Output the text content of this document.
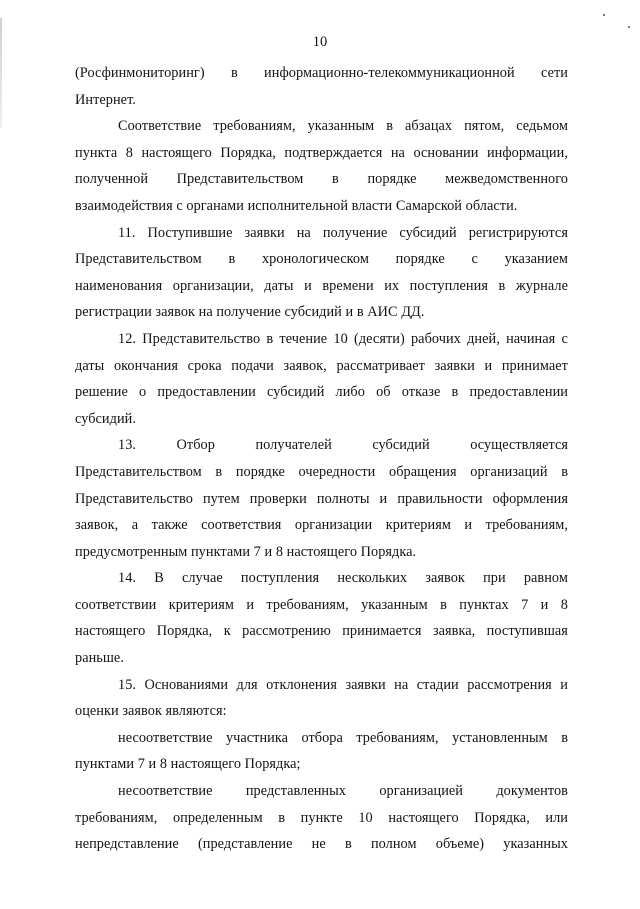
10
(Росфинмониторинг) в информационно-телекоммуникационной сети
Интернет.
Соответствие требованиям, указанным в абзацах пятом, седьмом
пункта 8 настоящего Порядка, подтверждается на основании информации,
полученной Представительством в порядке межведомственного
взаимодействия с органами исполнительной власти Самарской области.
11. Поступившие заявки на получение субсидий регистрируются
Представительством в хронологическом порядке с указанием
наименования организации, даты и времени их поступления в журнале
регистрации заявок на получение субсидий и в АИС ДД.
12. Представительство в течение 10 (десяти) рабочих дней, начиная с
даты окончания срока подачи заявок, рассматривает заявки и принимает
решение о предоставлении субсидий либо об отказе в предоставлении
субсидий.
13.	Отбор	получателей	субсидий	осуществляется
Представительством в порядке очередности обращения организаций в
Представительство путем проверки полноты и правильности оформления
заявок, а также соответствия организации критериям и требованиям,
предусмотренным пунктами 7 и 8 настоящего Порядка.
14. В случае поступления нескольких заявок при равном
соответствии критериям и требованиям, указанным в пунктах 7 и 8
настоящего Порядка, к рассмотрению принимается заявка, поступившая
раньше.
15. Основаниями для отклонения заявки на стадии рассмотрения и
оценки заявок являются:
несоответствие участника отбора требованиям, установленным в
пунктами 7 и 8 настоящего Порядка;
несоответствие представленных организацией документов
требованиям, определенным в пункте 10 настоящего Порядка, или
непредставление (представление не в полном объеме) указанных
